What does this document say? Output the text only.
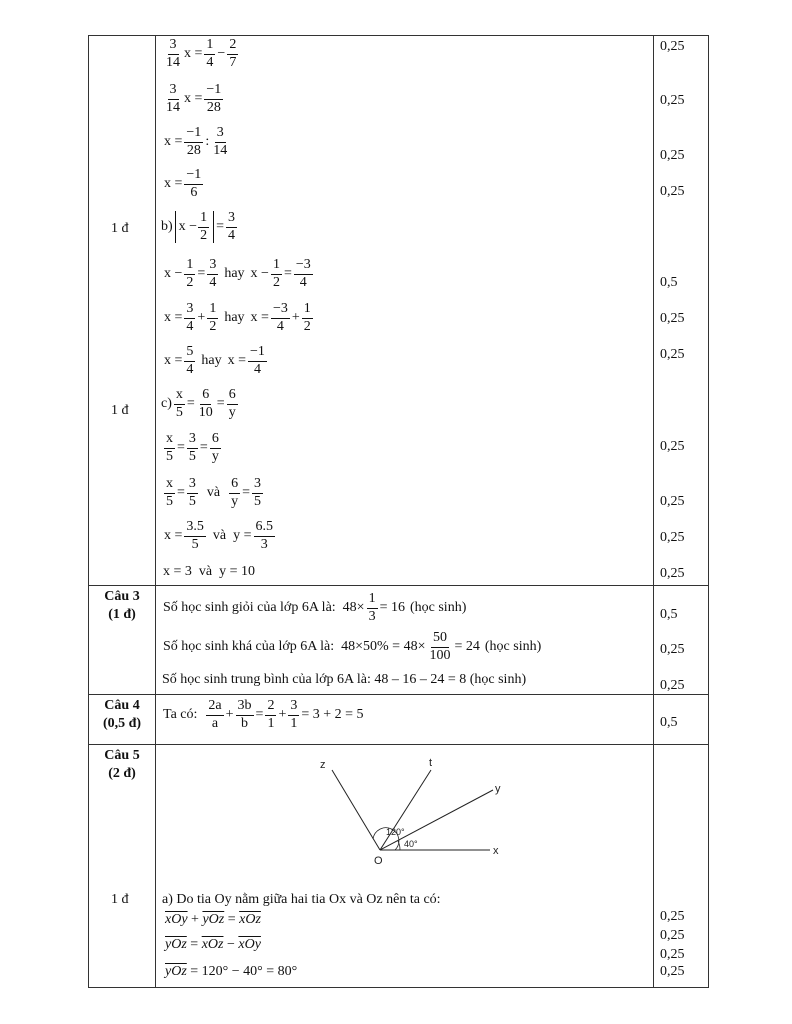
1 đ
1 đ
1 đ
Câu 3
(1 đ)
Câu 4
(0,5 đ)
Câu 5
(2 đ)
$\frac{3}{14}$ $x = \frac{1}{4} - \frac{2}{7}$
$\frac{3}{14}$ $x = \frac{-1}{28}$
$x = \frac{-1}{28}$ : $\frac{3}{14}$
$x = \frac{-1}{6}$
b) $x - \frac{1}{2} = \frac{3}{4}$
$x - \frac{1}{2} = \frac{3}{4}$ hay $x - \frac{1}{2} = \frac{-3}{4}$
$x = \frac{3}{4} + \frac{1}{2}$ hay $x = \frac{-3}{4} + \frac{1}{2}$
$x = \frac{5}{4}$ hay $x = \frac{-1}{4}$
$c) \frac{x}{5} = \frac{6}{10} = \frac{6}{y}$
$\frac{x}{5} = \frac{3}{5} = \frac{6}{y}$
$\frac{x}{5} = \frac{3}{5}$ và $\frac{6}{y} = \frac{3}{5}$
$x = \frac{3.5}{5}$ và $y = \frac{6.5}{3}$
x = 3  và  y = 10
Số học sinh giỏi của lớp 6A là: $48\times \frac{1}{3} = 16$ (học sinh)
Số học sinh khá của lớp 6A là: $48\times 50\% = 48\times \frac{50}{100} = 24$ (học sinh)
Số học sinh trung bình của lớp 6A là: 48 – 16 – 24 = 8 (học sinh)
Ta có: $\frac{2a}{a} + \frac{3b}{b} = \frac{2}{1} + \frac{3}{1} = 3 + 2 = 5$
z	t
y
x
O
120°
40°
a) Do tia Oy nằm giữa hai tia Ox và Oz nên ta có:
$\overline{xOy} + \overline{yOz} = \overline{xOz}$
$\overline{yOz} = \overline{xOz} - \overline{xOy}$
$\overline{yOz} = 120^\circ - 40^\circ = 80^\circ$
0,25
0,25
0,25
0,25
0,5
0,25
0,25
0,25
0,25
0,25
0,25
0,5
0,25
0,25
0,5
0,25
0,25
0,25
0,25
